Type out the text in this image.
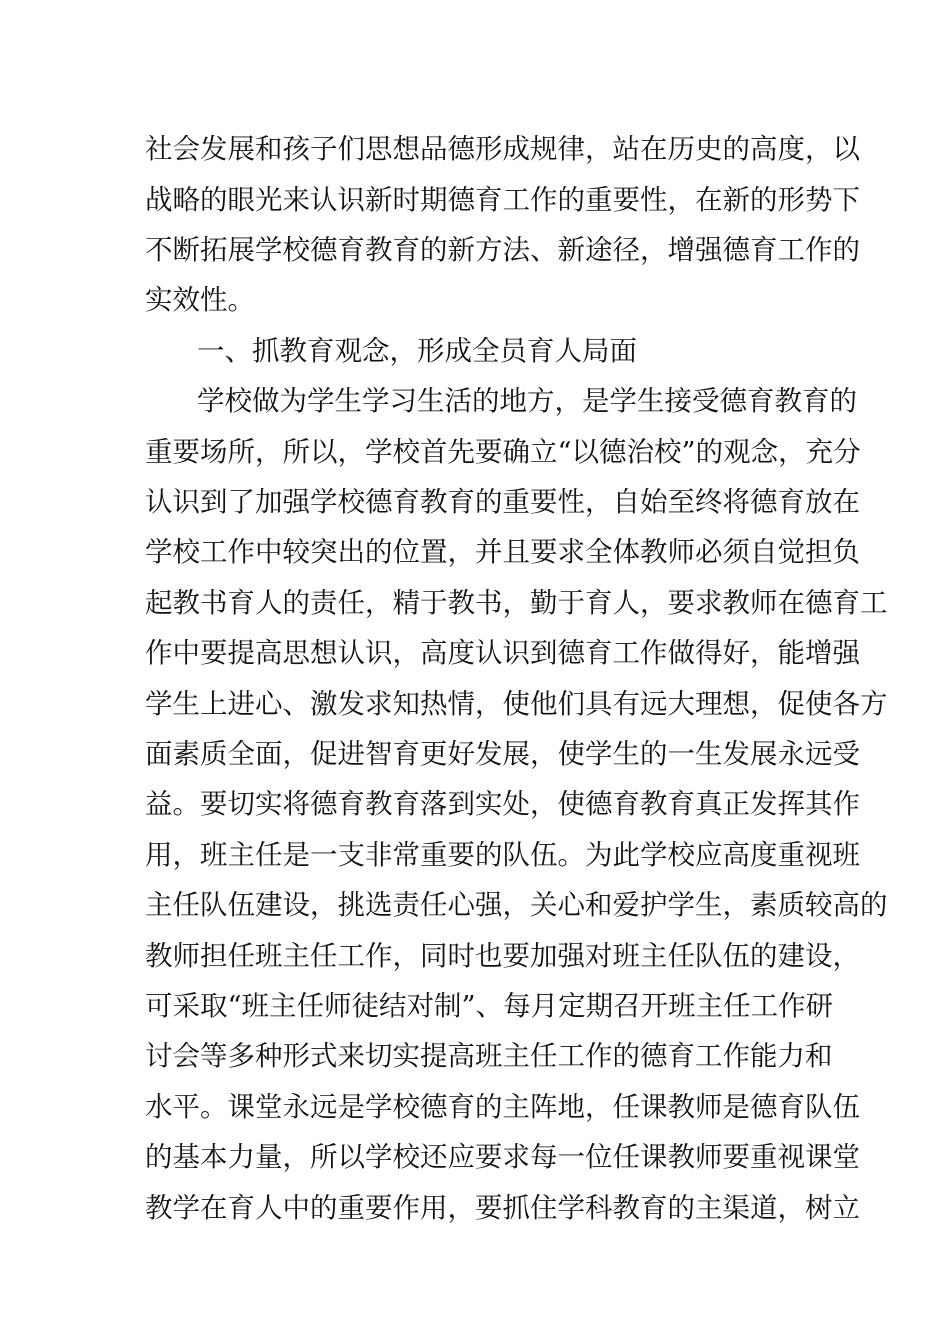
社会发展和孩子们思想品德形成规律，站在历史的高度，以
战略的眼光来认识新时期德育工作的重要性，在新的形势下
不断拓展学校德育教育的新方法、新途径，增强德育工作的
实效性。
一、抓教育观念，形成全员育人局面
学校做为学生学习生活的地方，是学生接受德育教育的
重要场所，所以，学校首先要确立“以德治校”的观念，充分
认识到了加强学校德育教育的重要性，自始至终将德育放在
学校工作中较突出的位置，并且要求全体教师必须自觉担负
起教书育人的责任，精于教书，勤于育人，要求教师在德育工
作中要提高思想认识，高度认识到德育工作做得好，能增强
学生上进心、激发求知热情，使他们具有远大理想，促使各方
面素质全面，促进智育更好发展，使学生的一生发展永远受
益。要切实将德育教育落到实处，使德育教育真正发挥其作
用，班主任是一支非常重要的队伍。为此学校应高度重视班
主任队伍建设，挑选责任心强，关心和爱护学生，素质较高的
教师担任班主任工作，同时也要加强对班主任队伍的建设，
可采取“班主任师徒结对制”、每月定期召开班主任工作研
讨会等多种形式来切实提高班主任工作的德育工作能力和
水平。课堂永远是学校德育的主阵地，任课教师是德育队伍
的基本力量，所以学校还应要求每一位任课教师要重视课堂
教学在育人中的重要作用，要抓住学科教育的主渠道，树立
